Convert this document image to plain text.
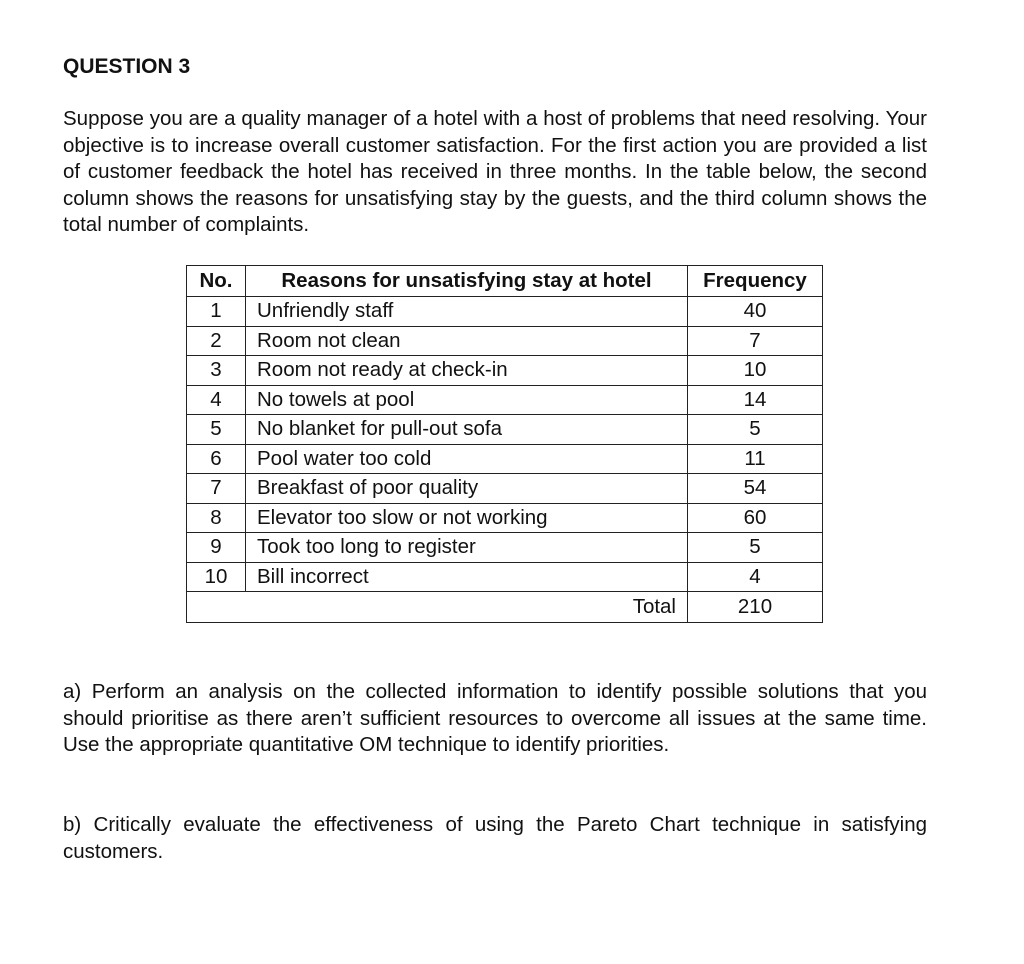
QUESTION 3

Suppose you are a quality manager of a hotel with a host of problems that need resolving. Your objective is to increase overall customer satisfaction. For the first action you are provided a list of customer feedback the hotel has received in three months. In the table below, the second column shows the reasons for unsatisfying stay by the guests, and the third column shows the total number of complaints.

No.	Reasons for unsatisfying stay at hotel	Frequency
1	Unfriendly staff	40
2	Room not clean	7
3	Room not ready at check-in	10
4	No towels at pool	14
5	No blanket for pull-out sofa	5
6	Pool water too cold	11
7	Breakfast of poor quality	54
8	Elevator too slow or not working	60
9	Took too long to register	5
10	Bill incorrect	4
Total		210

a) Perform an analysis on the collected information to identify possible solutions that you should prioritise as there aren’t sufficient resources to overcome all issues at the same time. Use the appropriate quantitative OM technique to identify priorities.

b) Critically evaluate the effectiveness of using the Pareto Chart technique in satisfying customers.
